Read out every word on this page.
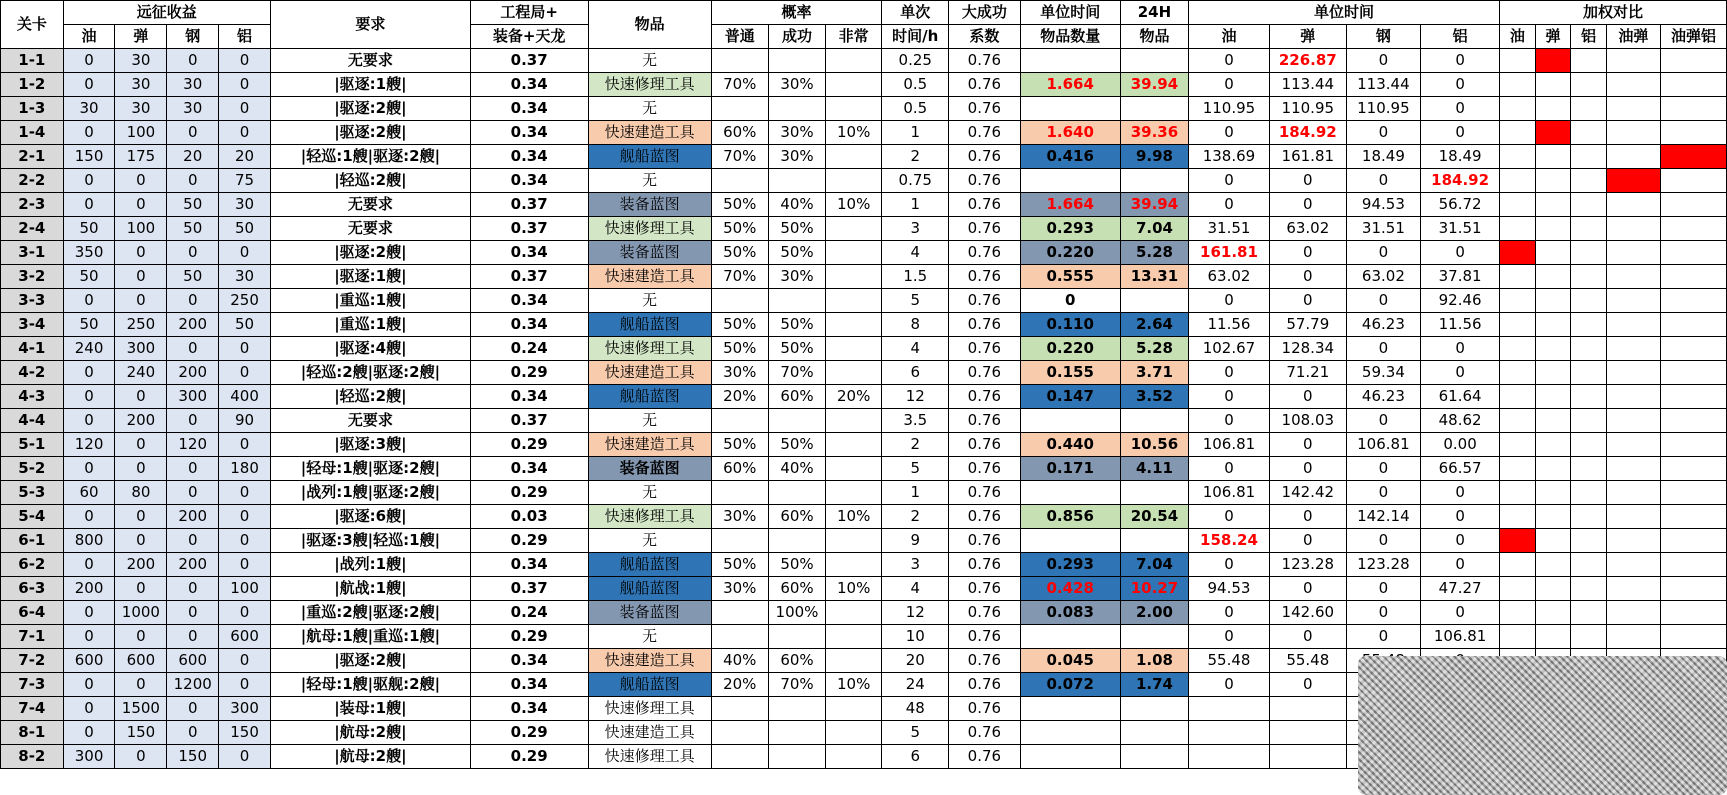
关卡	远征收益				要求	工程局+	物品	概率			单次	大成功	单位时间	24H	单位时间				加权对比				
	油	弹	钢	铝		装备+天龙		普通	成功	非常	时间/h	系数	物品数量	物品	油	弹	钢	铝	油	弹	铝	油弹	油弹铝
1-1	0	30	0	0	无要求	0.37	无				0.25	0.76			0	226.87	0	0					
1-2	0	30	30	0	|驱逐:1艘|	0.34	快速修理工具	70%	30%		0.5	0.76	1.664	39.94	0	113.44	113.44	0					
1-3	30	30	30	0	|驱逐:2艘|	0.34	无				0.5	0.76			110.95	110.95	110.95	0					
1-4	0	100	0	0	|驱逐:2艘|	0.34	快速建造工具	60%	30%	10%	1	0.76	1.640	39.36	0	184.92	0	0					
2-1	150	175	20	20	|轻巡:1艘|驱逐:2艘|	0.34	舰船蓝图	70%	30%		2	0.76	0.416	9.98	138.69	161.81	18.49	18.49					
2-2	0	0	0	75	|轻巡:2艘|	0.34	无				0.75	0.76			0	0	0	184.92					
2-3	0	0	50	30	无要求	0.37	装备蓝图	50%	40%	10%	1	0.76	1.664	39.94	0	0	94.53	56.72					
2-4	50	100	50	50	无要求	0.37	快速修理工具	50%	50%		3	0.76	0.293	7.04	31.51	63.02	31.51	31.51					
3-1	350	0	0	0	|驱逐:2艘|	0.34	装备蓝图	50%	50%		4	0.76	0.220	5.28	161.81	0	0	0					
3-2	50	0	50	30	|驱逐:1艘|	0.37	快速建造工具	70%	30%		1.5	0.76	0.555	13.31	63.02	0	63.02	37.81					
3-3	0	0	0	250	|重巡:1艘|	0.34	无				5	0.76	0		0	0	0	92.46					
3-4	50	250	200	50	|重巡:1艘|	0.34	舰船蓝图	50%	50%		8	0.76	0.110	2.64	11.56	57.79	46.23	11.56					
4-1	240	300	0	0	|驱逐:4艘|	0.24	快速修理工具	50%	50%		4	0.76	0.220	5.28	102.67	128.34	0	0					
4-2	0	240	200	0	|轻巡:2艘|驱逐:2艘|	0.29	快速建造工具	30%	70%		6	0.76	0.155	3.71	0	71.21	59.34	0					
4-3	0	0	300	400	|轻巡:2艘|	0.34	舰船蓝图	20%	60%	20%	12	0.76	0.147	3.52	0	0	46.23	61.64					
4-4	0	200	0	90	无要求	0.37	无				3.5	0.76			0	108.03	0	48.62					
5-1	120	0	120	0	|驱逐:3艘|	0.29	快速建造工具	50%	50%		2	0.76	0.440	10.56	106.81	0	106.81	0.00					
5-2	0	0	0	180	|轻母:1艘|驱逐:2艘|	0.34	装备蓝图	60%	40%		5	0.76	0.171	4.11	0	0	0	66.57					
5-3	60	80	0	0	|战列:1艘|驱逐:2艘|	0.29	无				1	0.76			106.81	142.42	0	0					
5-4	0	0	200	0	|驱逐:6艘|	0.03	快速修理工具	30%	60%	10%	2	0.76	0.856	20.54	0	0	142.14	0					
6-1	800	0	0	0	|驱逐:3艘|轻巡:1艘|	0.29	无				9	0.76			158.24	0	0	0					
6-2	0	200	200	0	|战列:1艘|	0.34	舰船蓝图	50%	50%		3	0.76	0.293	7.04	0	123.28	123.28	0					
6-3	200	0	0	100	|航战:1艘|	0.37	舰船蓝图	30%	60%	10%	4	0.76	0.428	10.27	94.53	0	0	47.27					
6-4	0	1000	0	0	|重巡:2艘|驱逐:2艘|	0.24	装备蓝图		100%		12	0.76	0.083	2.00	0	142.60	0	0					
7-1	0	0	0	600	|航母:1艘|重巡:1艘|	0.29	无				10	0.76			0	0	0	106.81					
7-2	600	600	600	0	|驱逐:2艘|	0.34	快速建造工具	40%	60%		20	0.76	0.045	1.08	55.48	55.48							
7-3	0	0	1200	0	|轻母:1艘|驱舰:2艘|	0.34	舰船蓝图	20%	70%	10%	24	0.76	0.072	1.74	0	0							
7-4	0	1500	0	300	|装母:1艘|	0.34	快速修理工具				48	0.76											
8-1	0	150	0	150	|航母:2艘|	0.29	快速建造工具				5	0.76											
8-2	300	0	150	0	|航母:2艘|	0.29	快速修理工具				6	0.76											
